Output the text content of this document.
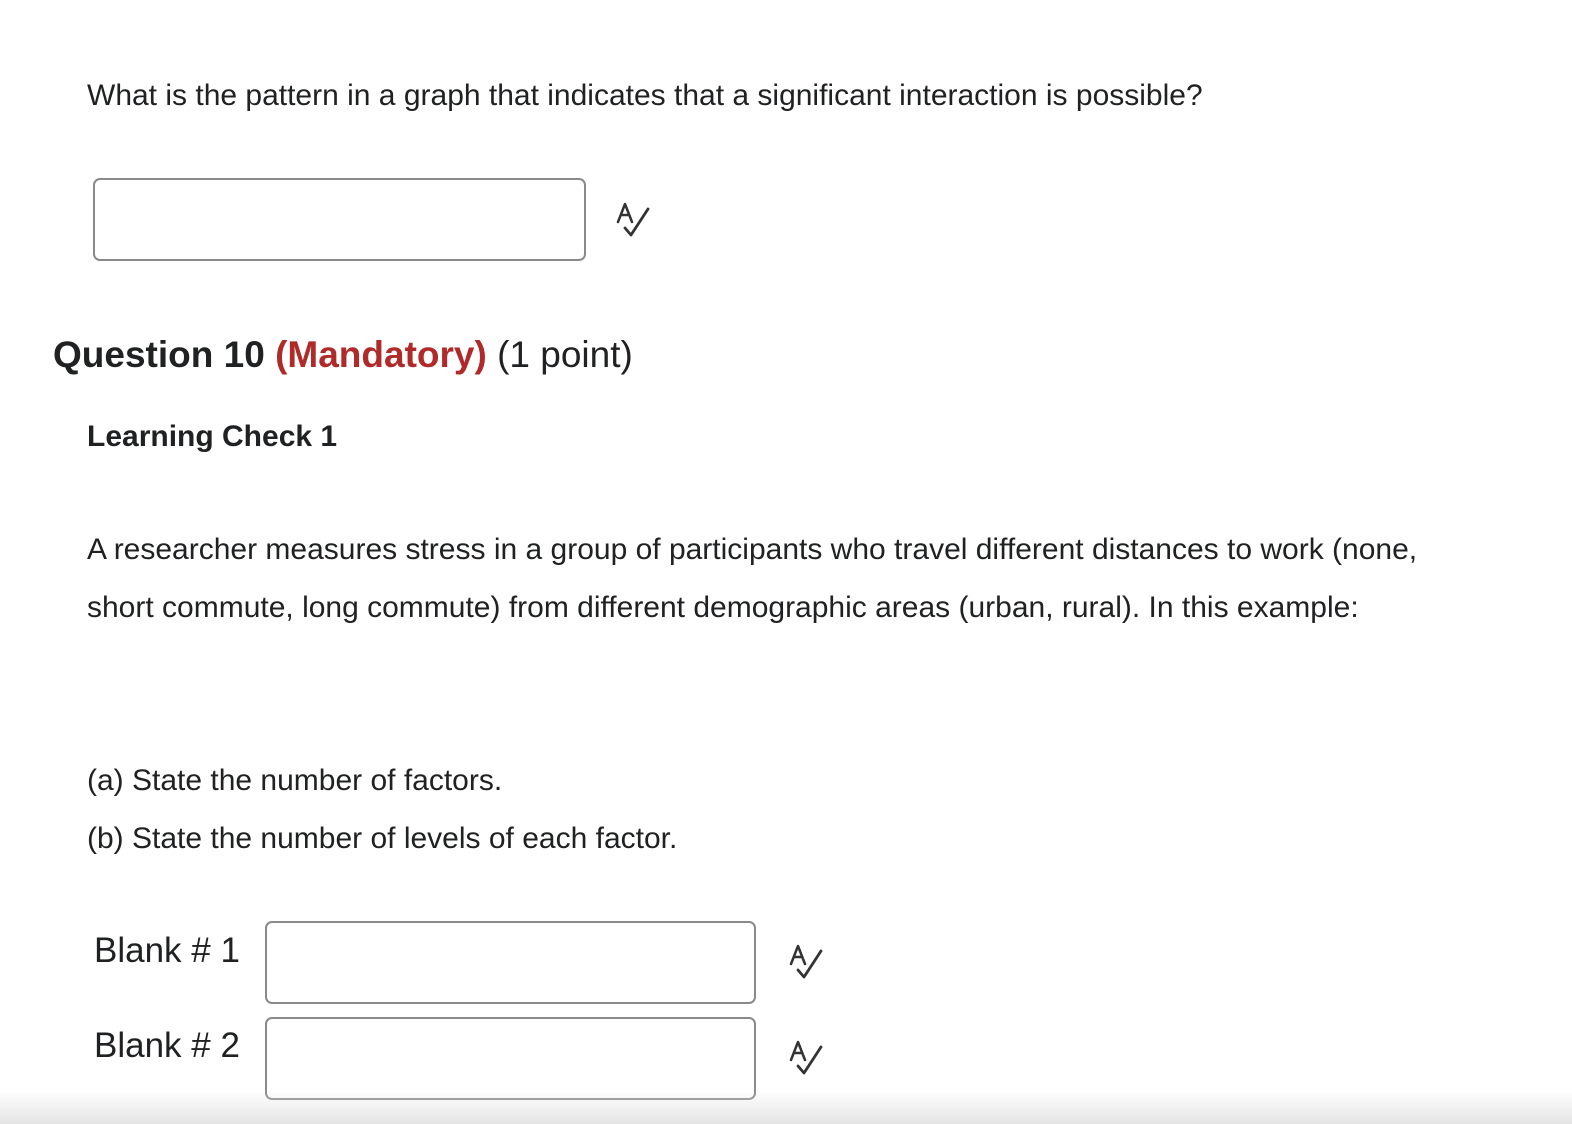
What is the pattern in a graph that indicates that a significant interaction is possible?

Question 10 (Mandatory) (1 point)
Learning Check 1

A researcher measures stress in a group of participants who travel different distances to work (none, short commute, long commute) from different demographic areas (urban, rural). In this example:

(a) State the number of factors.

(b) State the number of levels of each factor.

Blank # 1

Blank # 2
